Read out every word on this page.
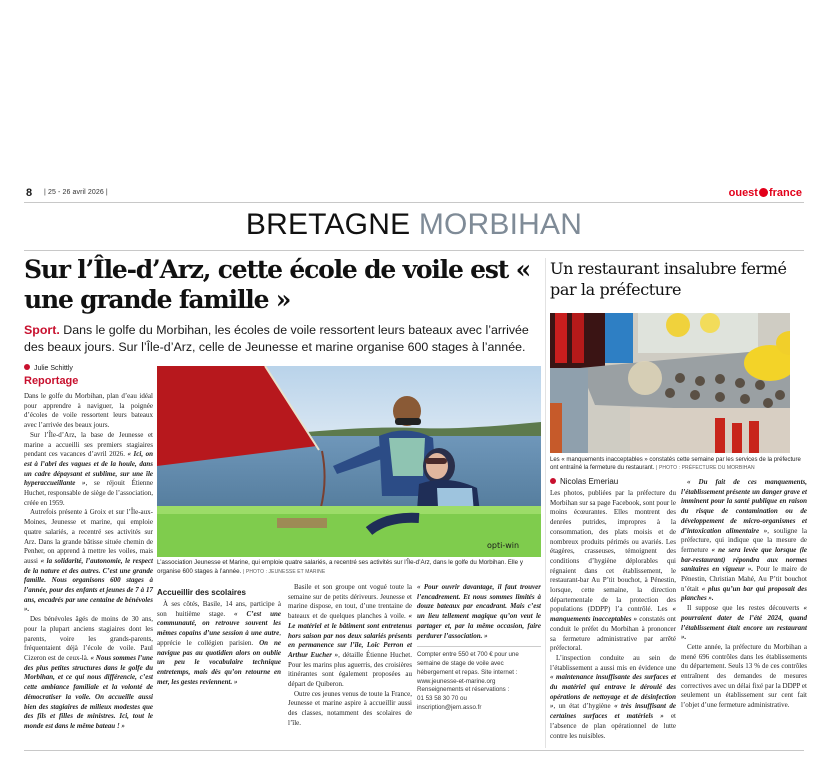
8 | 25 - 26 avril 2026 |	ouest france
BRETAGNE MORBIHAN
Sur l’Île-d’Arz, cette école de voile est « une grande famille »
Sport. Dans le golfe du Morbihan, les écoles de voile ressortent leurs bateaux avec l’arrivée des beaux jours. Sur l’Île-d’Arz, celle de Jeunesse et marine organise 600 stages à l’année.
Julie Schittly
Reportage

Dans le golfe du Morbihan, plan d’eau idéal pour apprendre à naviguer, la poignée d’écoles de voile ressortent leurs bateaux avec l’arrivée des beaux jours.

Sur l’Île-d’Arz, la base de Jeunesse et marine a accueilli ses premiers stagiaires pendant ces vacances d’avril 2026. « Ici, on est à l’abri des vagues et de la houle, dans un cadre dépaysant et sublime, sur une île hyperaccueillante », se réjouit Étienne Huchet, responsable de siège de l’association, créée en 1959.

Autrefois présente à Groix et sur l’Île-aux-Moines, Jeunesse et marine, qui emploie quatre salariés, a recentré ses activités sur Arz. Dans la grande bâtisse située chemin de Penher, on apprend à mettre les voiles, mais aussi « la solidarité, l’autonomie, le respect de la nature et des autres. C’est une grande famille. Nous organisons 600 stages à l’année, pour des enfants et jeunes de 7 à 17 ans, encadrés par une centaine de bénévoles ».

Des bénévoles âgés de moins de 30 ans, pour la plupart anciens stagiaires dont les parents, voire les grands-parents, fréquentaient déjà l’école de voile. Paul Cizeron est de ceux-là. « Nous sommes l’une des plus petites structures dans le golfe du Morbihan, et ce qui nous différencie, c’est cette ambiance familiale et la volonté de démocratiser la voile. On accueille aussi bien des stagiaires de milieux modestes que des fils et filles de ministres. Ici, tout le monde est dans le même bateau ! »

opti-win
L’association Jeunesse et Marine, qui emploie quatre salariés, a recentré ses activités sur l’Île-d’Arz, dans le golfe du Morbihan. Elle y organise 600 stages à l’année. | PHOTO : JEUNESSE ET MARINE
Accueillir des scolaires

À ses côtés, Basile, 14 ans, participe à son huitième stage. « C’est une communauté, on retrouve souvent les mêmes copains d’une session à une autre, apprécie le collégien parisien. On ne navigue pas au quotidien alors on oublie un peu le vocabulaire technique entretemps, mais dès qu’on retourne en mer, les gestes reviennent. »

Basile et son groupe ont vogué toute la semaine sur de petits dériveurs. Jeunesse et marine dispose, en tout, d’une trentaine de bateaux et de quelques planches à voile. « Le matériel et le bâtiment sont entretenus hors saison par nos deux salariés présents en permanence sur l’île, Loïc Perron et Arthur Eucher », détaille Étienne Huchet. Pour les marins plus aguerris, des croisières itinérantes sont également proposées au départ de Quiberon.

Outre ces jeunes venus de toute la France, Jeunesse et marine aspire à accueillir aussi des classes, notamment des scolaires de l’île.

« Pour ouvrir davantage, il faut trouver l’encadrement. Et nous sommes limités à douze bateaux par encadrant. Mais c’est un lieu tellement magique qu’on veut le partager et, par la même occasion, faire perdurer l’association. »

Compter entre 550 et 700 € pour une semaine de stage de voile avec hébergement et repas. Site internet :
www.jeunesse-et-marine.org
Renseignements et réservations :
01 53 58 30 70 ou
inscription@jem.asso.fr
Un restaurant insalubre fermé par la préfecture
Les « manquements inacceptables » constatés cette semaine par les services de la préfecture ont entraîné la fermeture du restaurant. | PHOTO : PRÉFECTURE DU MORBIHAN
Nicolas Emeriau

Les photos, publiées par la préfecture du Morbihan sur sa page Facebook, sont pour le moins écœurantes. Elles montrent des denrées putrides, impropres à la consommation, des plats moisis et de nombreux produits périmés ou avariés. Les étagères, crasseuses, témoignent des conditions d’hygiène déplorables qui régnaient dans cet établissement, le restaurant-bar Au P’tit bouchot, à Pénestin, lorsque, cette semaine, la direction départementale de la protection des populations (DDPP) l’a contrôlé. Les « manquements inacceptables » constatés ont conduit le préfet du Morbihan à prononcer sa fermeture administrative par arrêté préfectoral.

L’inspection conduite au sein de l’établissement a aussi mis en évidence une « maintenance insuffisante des surfaces et du matériel qui entrave le déroulé des opérations de nettoyage et de désinfection », un état d’hygiène « très insuffisant de certaines surfaces et matériels » et l’absence de plan opérationnel de lutte contre les nuisibles.

« Du fait de ces manquements, l’établissement présente un danger grave et imminent pour la santé publique en raison du risque de contamination ou de développement de micro-organismes et d’intoxication alimentaire », souligne la préfecture, qui indique que la mesure de fermeture « ne sera levée que lorsque (le bar-restaurant) répondra aux normes sanitaires en vigueur ». Pour le maire de Pénestin, Christian Mahé, Au P’tit bouchot n’était « plus qu’un bar qui proposait des planches ».

Il suppose que les restes découverts « pourraient dater de l’été 2024, quand l’établissement était encore un restaurant ».

Cette année, la préfecture du Morbihan a mené 696 contrôles dans les établissements du département. Seuls 13 % de ces contrôles entraînent des demandes de mesures correctives avec un délai fixé par la DDPP et seulement un établissement sur cent fait l’objet d’une fermeture administrative.
